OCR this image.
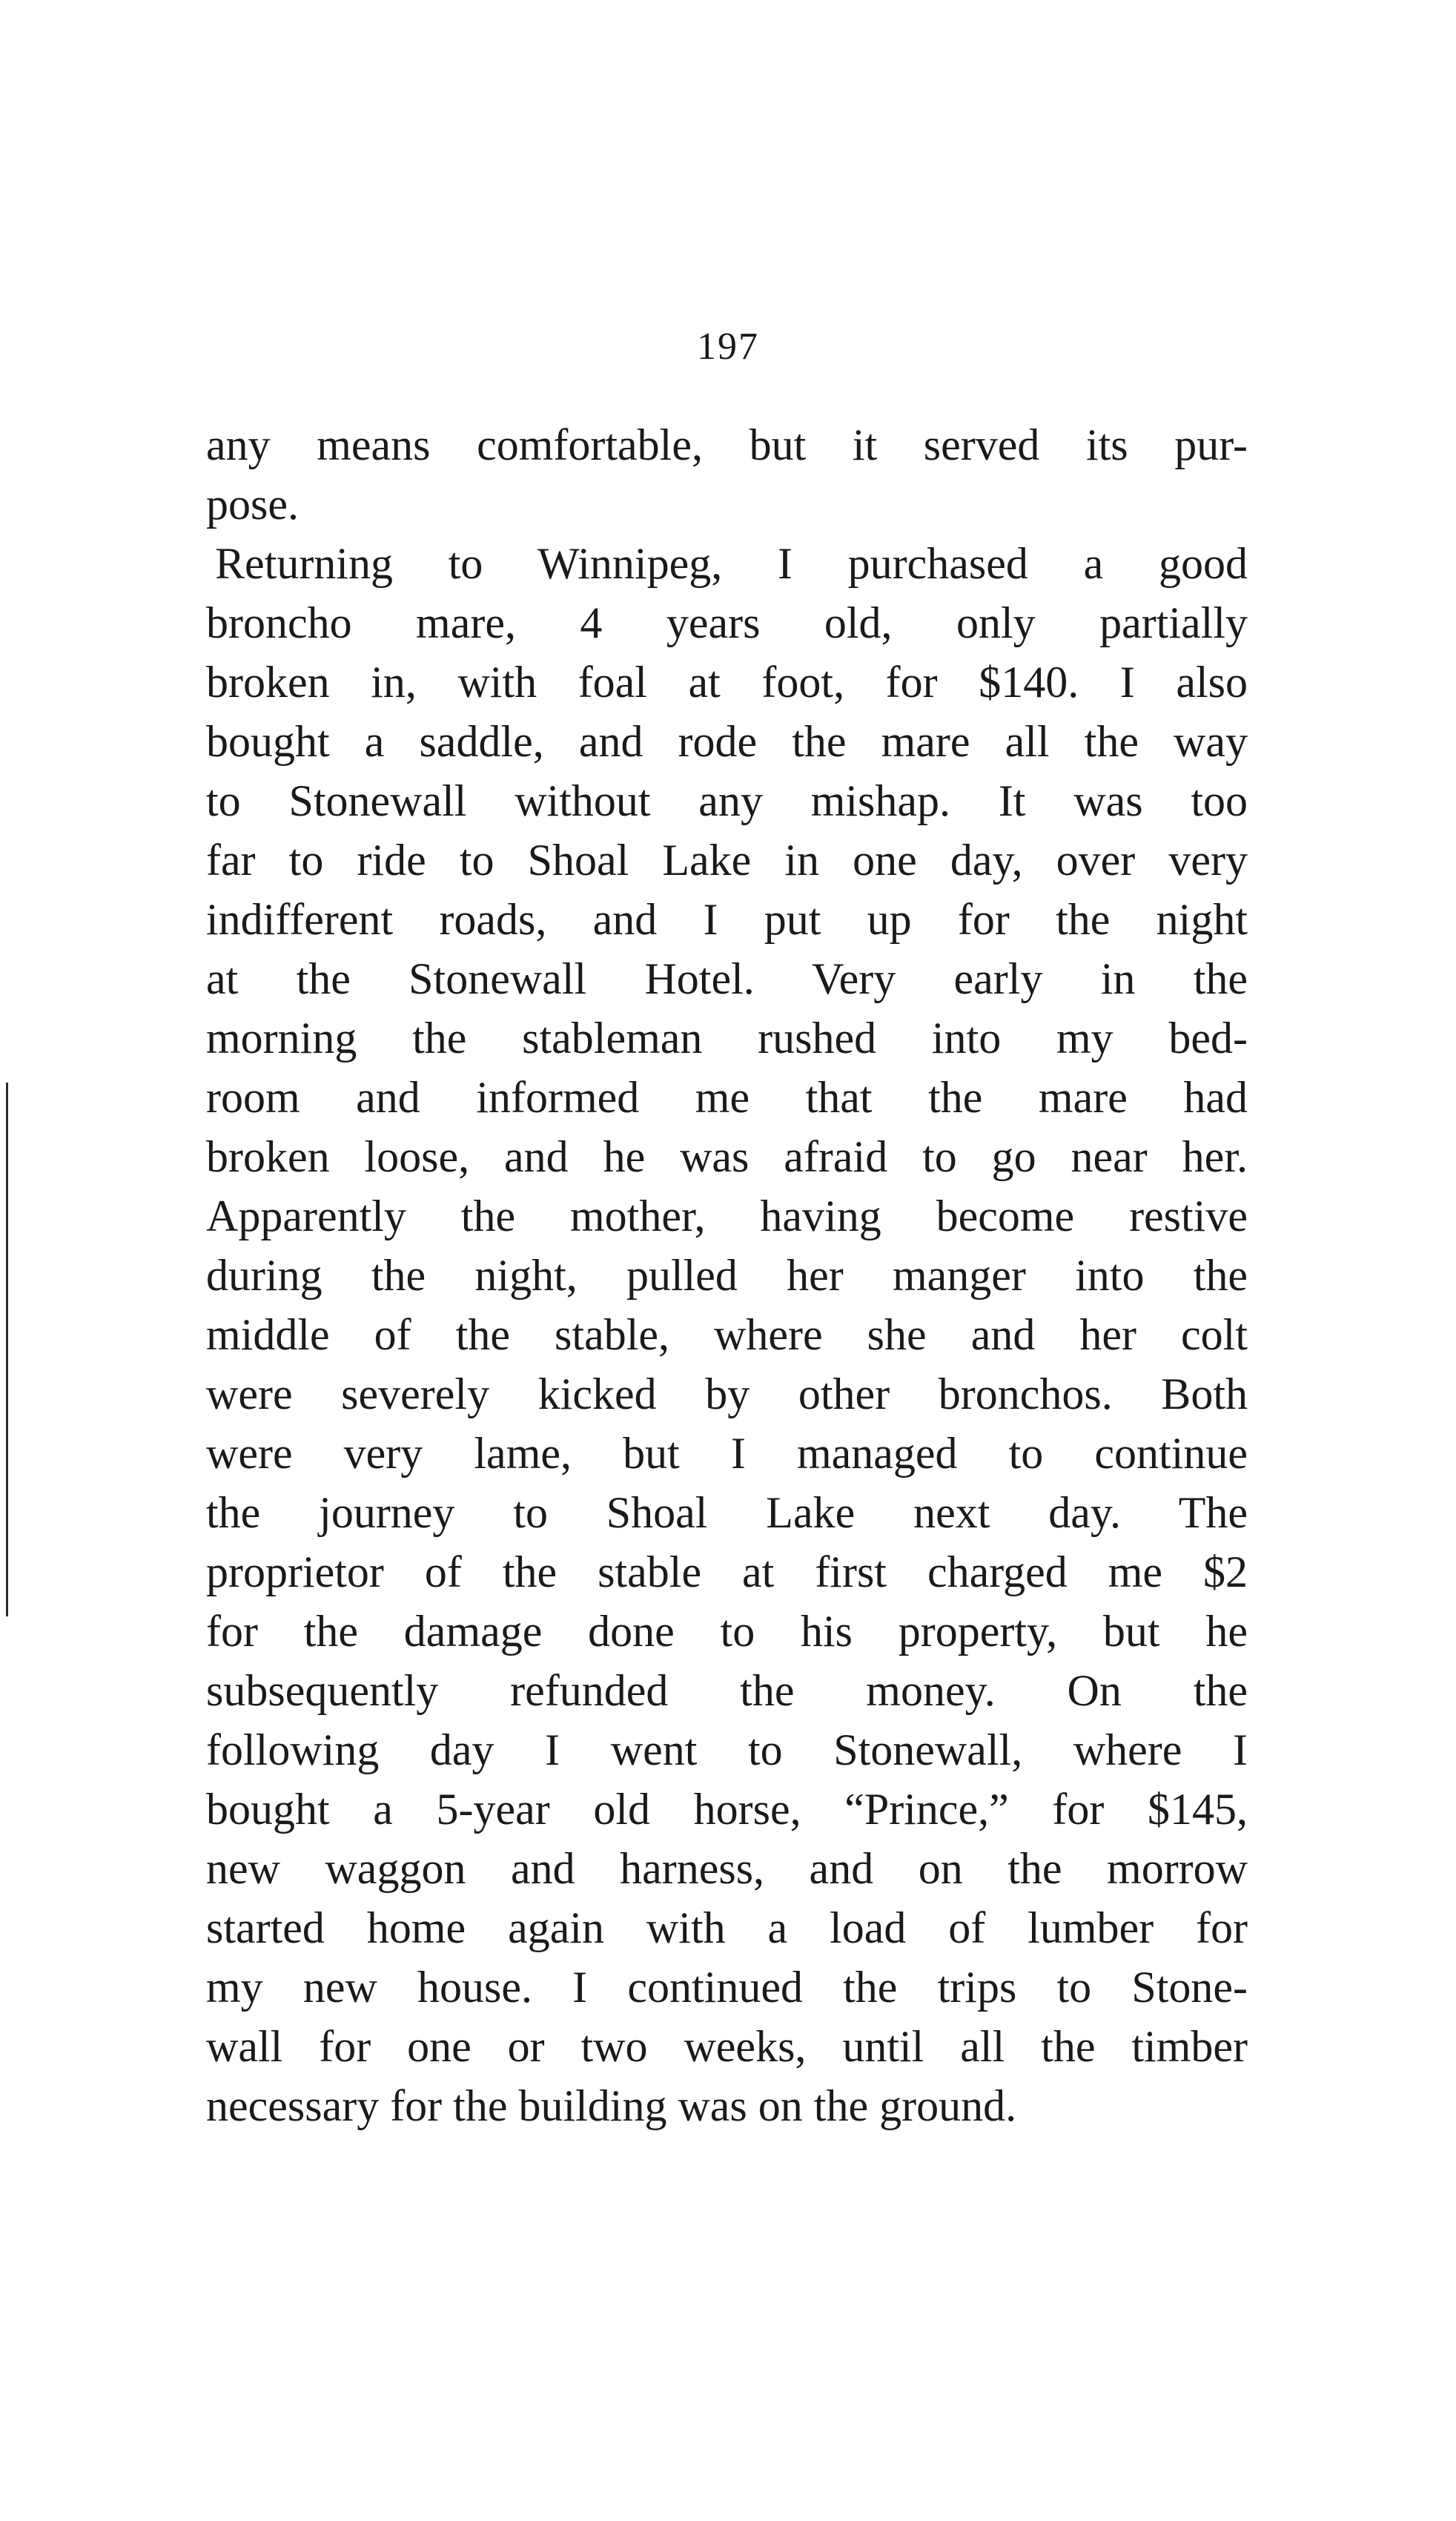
197
any means comfortable, but it served its pur-
pose.
Returning to Winnipeg, I purchased a good
broncho mare, 4 years old, only partially
broken in, with foal at foot, for $140. I also
bought a saddle, and rode the mare all the way
to Stonewall without any mishap. It was too
far to ride to Shoal Lake in one day, over very
indifferent roads, and I put up for the night
at the Stonewall Hotel. Very early in the
morning the stableman rushed into my bed-
room and informed me that the mare had
broken loose, and he was afraid to go near her.
Apparently the mother, having become restive
during the night, pulled her manger into the
middle of the stable, where she and her colt
were severely kicked by other bronchos. Both
were very lame, but I managed to continue
the journey to Shoal Lake next day. The
proprietor of the stable at first charged me $2
for the damage done to his property, but he
subsequently refunded the money. On the
following day I went to Stonewall, where I
bought a 5-year old horse, “Prince,” for $145,
new waggon and harness, and on the morrow
started home again with a load of lumber for
my new house. I continued the trips to Stone-
wall for one or two weeks, until all the timber
necessary for the building was on the ground.
